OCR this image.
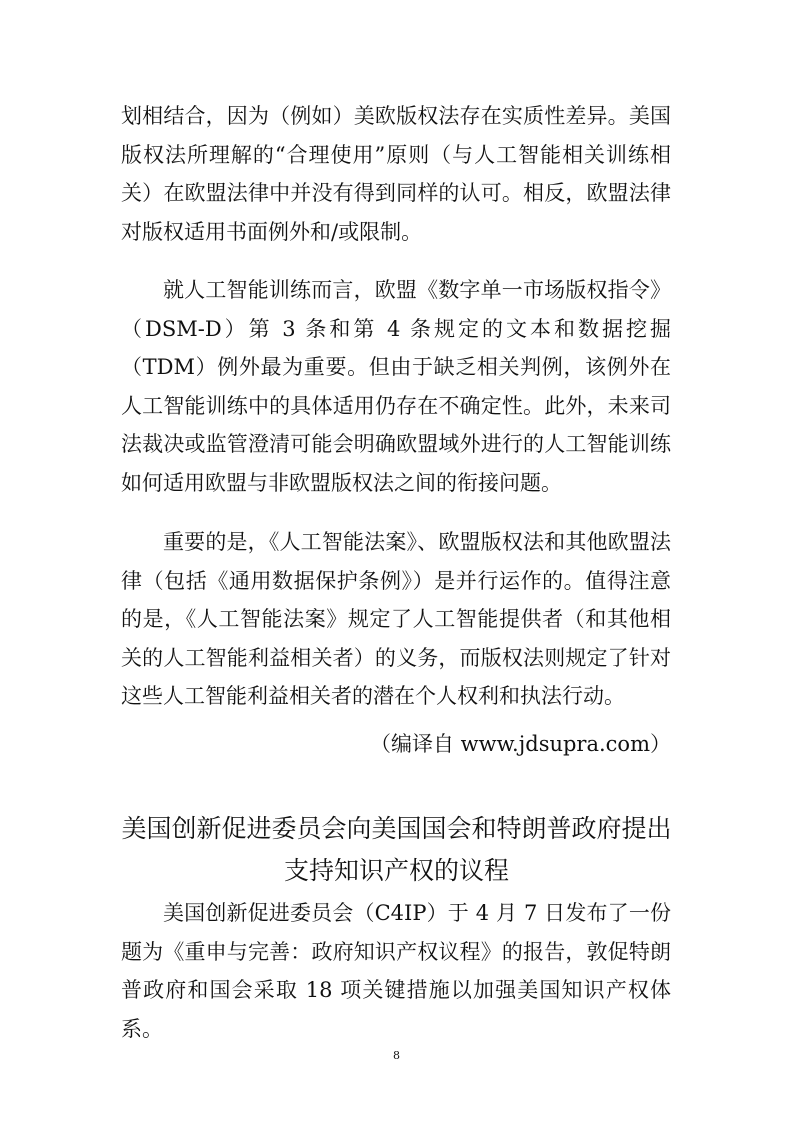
划相结合，因为（例如）美欧版权法存在实质性差异。美国版权法所理解的“合理使用”原则（与人工智能相关训练相关）在欧盟法律中并没有得到同样的认可。相反，欧盟法律对版权适用书面例外和/或限制。

就人工智能训练而言，欧盟《数字单一市场版权指令》（DSM-D）第 3 条和第 4 条规定的文本和数据挖掘（TDM）例外最为重要。但由于缺乏相关判例，该例外在人工智能训练中的具体适用仍存在不确定性。此外，未来司法裁决或监管澄清可能会明确欧盟域外进行的人工智能训练如何适用欧盟与非欧盟版权法之间的衔接问题。

重要的是，《人工智能法案》、欧盟版权法和其他欧盟法律（包括《通用数据保护条例》）是并行运作的。值得注意的是，《人工智能法案》规定了人工智能提供者（和其他相关的人工智能利益相关者）的义务，而版权法则规定了针对这些人工智能利益相关者的潜在个人权利和执法行动。

（编译自 www.jdsupra.com）

美国创新促进委员会向美国国会和特朗普政府提出支持知识产权的议程

美国创新促进委员会（C4IP）于 4 月 7 日发布了一份题为《重申与完善：政府知识产权议程》的报告，敦促特朗普政府和国会采取 18 项关键措施以加强美国知识产权体系。

8
